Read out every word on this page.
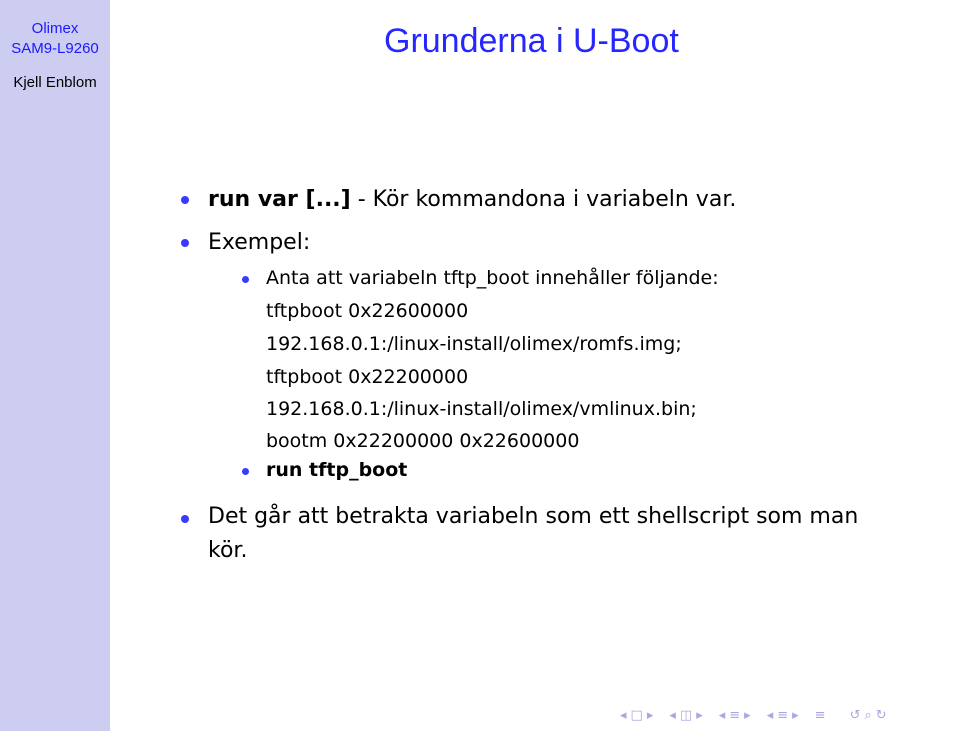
Olimex
SAM9-L9260
Kjell Enblom
Grunderna i U-Boot
run var [...] - Kör kommandona i variabeln var.
Exempel:
Anta att variabeln tftp_boot innehåller följande:
tftpboot 0x22600000
192.168.0.1:/linux-install/olimex/romfs.img;
tftpboot 0x22200000
192.168.0.1:/linux-install/olimex/vmlinux.bin;
bootm 0x22200000 0x22600000
run tftp_boot
Det går att betrakta variabeln som ett shellscript som man
kör.
◂ □ ▸ ◂ ◫ ▸ ◂ ≡ ▸ ◂ ≡ ▸ ≡ ↺ ⌕ ↻
